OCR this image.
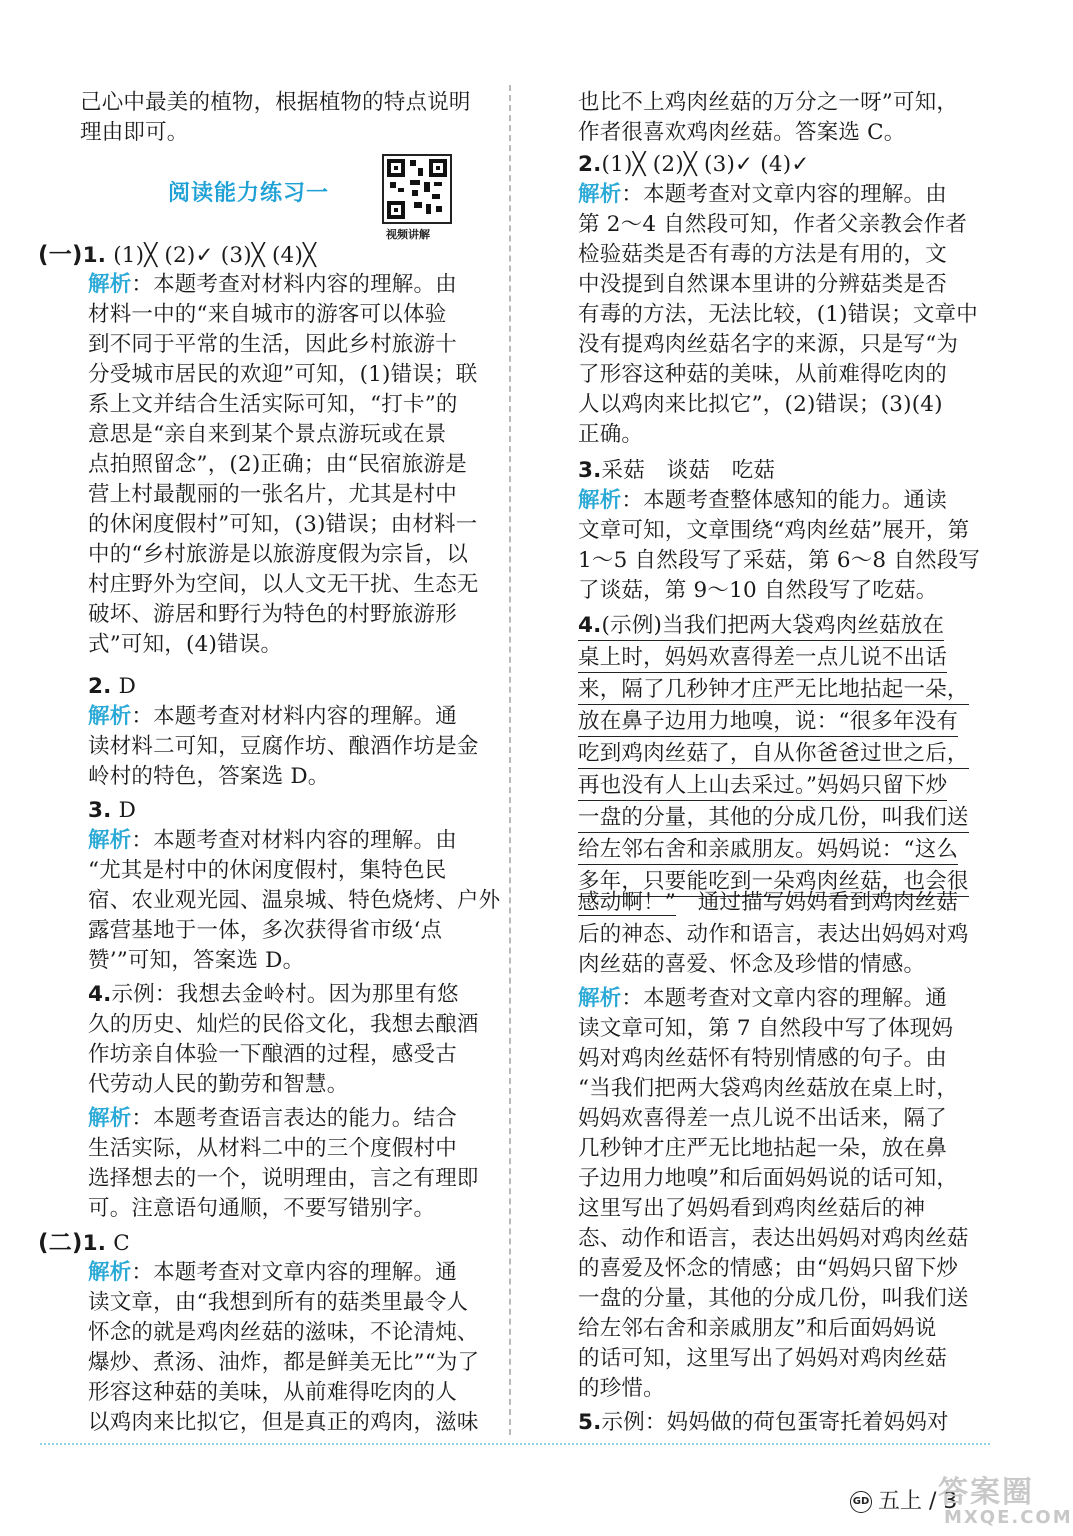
己心中最美的植物，根据植物的特点说明
理由即可。
阅读能力练习一
视频讲解
(一)1. (1)╳ (2)✓ (3)╳ (4)╳
解析：本题考查对材料内容的理解。由
材料一中的“来自城市的游客可以体验
到不同于平常的生活，因此乡村旅游十
分受城市居民的欢迎”可知，(1)错误；联
系上文并结合生活实际可知，“打卡”的
意思是“亲自来到某个景点游玩或在景
点拍照留念”，(2)正确；由“民宿旅游是
营上村最靓丽的一张名片，尤其是村中
的休闲度假村”可知，(3)错误；由材料一
中的“乡村旅游是以旅游度假为宗旨，以
村庄野外为空间，以人文无干扰、生态无
破坏、游居和野行为特色的村野旅游形
式”可知，(4)错误。
2. D
解析：本题考查对材料内容的理解。通
读材料二可知，豆腐作坊、酿酒作坊是金
岭村的特色，答案选 D。
3. D
解析：本题考查对材料内容的理解。由
“尤其是村中的休闲度假村，集特色民
宿、农业观光园、温泉城、特色烧烤、户外
露营基地于一体，多次获得省市级‘点
赞’”可知，答案选 D。
4.示例：我想去金岭村。因为那里有悠
久的历史、灿烂的民俗文化，我想去酿酒
作坊亲自体验一下酿酒的过程，感受古
代劳动人民的勤劳和智慧。
解析：本题考查语言表达的能力。结合
生活实际，从材料二中的三个度假村中
选择想去的一个，说明理由，言之有理即
可。注意语句通顺，不要写错别字。
(二)1. C
解析：本题考查对文章内容的理解。通
读文章，由“我想到所有的菇类里最令人
怀念的就是鸡肉丝菇的滋味，不论清炖、
爆炒、煮汤、油炸，都是鲜美无比”“为了
形容这种菇的美味，从前难得吃肉的人
以鸡肉来比拟它，但是真正的鸡肉，滋味
也比不上鸡肉丝菇的万分之一呀”可知，
作者很喜欢鸡肉丝菇。答案选 C。
2.(1)╳ (2)╳ (3)✓ (4)✓
解析：本题考查对文章内容的理解。由
第 2～4 自然段可知，作者父亲教会作者
检验菇类是否有毒的方法是有用的，文
中没提到自然课本里讲的分辨菇类是否
有毒的方法，无法比较，(1)错误；文章中
没有提鸡肉丝菇名字的来源，只是写“为
了形容这种菇的美味，从前难得吃肉的
人以鸡肉来比拟它”，(2)错误；(3)(4)
正确。
3.采菇　谈菇　吃菇
解析：本题考查整体感知的能力。通读
文章可知，文章围绕“鸡肉丝菇”展开，第
1～5 自然段写了采菇，第 6～8 自然段写
了谈菇，第 9～10 自然段写了吃菇。
4.(示例)当我们把两大袋鸡肉丝菇放在
桌上时，妈妈欢喜得差一点儿说不出话
来，隔了几秒钟才庄严无比地拈起一朵，
放在鼻子边用力地嗅，说：“很多年没有
吃到鸡肉丝菇了，自从你爸爸过世之后，
再也没有人上山去采过。”妈妈只留下炒
一盘的分量，其他的分成几份，叫我们送
给左邻右舍和亲戚朋友。妈妈说：“这么
多年，只要能吃到一朵鸡肉丝菇，也会很
感动啊！”　通过描写妈妈看到鸡肉丝菇
后的神态、动作和语言，表达出妈妈对鸡
肉丝菇的喜爱、怀念及珍惜的情感。
解析：本题考查对文章内容的理解。通
读文章可知，第 7 自然段中写了体现妈
妈对鸡肉丝菇怀有特别情感的句子。由
“当我们把两大袋鸡肉丝菇放在桌上时，
妈妈欢喜得差一点儿说不出话来，隔了
几秒钟才庄严无比地拈起一朵，放在鼻
子边用力地嗅”和后面妈妈说的话可知，
这里写出了妈妈看到鸡肉丝菇后的神
态、动作和语言，表达出妈妈对鸡肉丝菇
的喜爱及怀念的情感；由“妈妈只留下炒
一盘的分量，其他的分成几份，叫我们送
给左邻右舍和亲戚朋友”和后面妈妈说
的话可知，这里写出了妈妈对鸡肉丝菇
的珍惜。
5.示例：妈妈做的荷包蛋寄托着妈妈对
GD 五上 / 3
答案圈
MXQE.COM
